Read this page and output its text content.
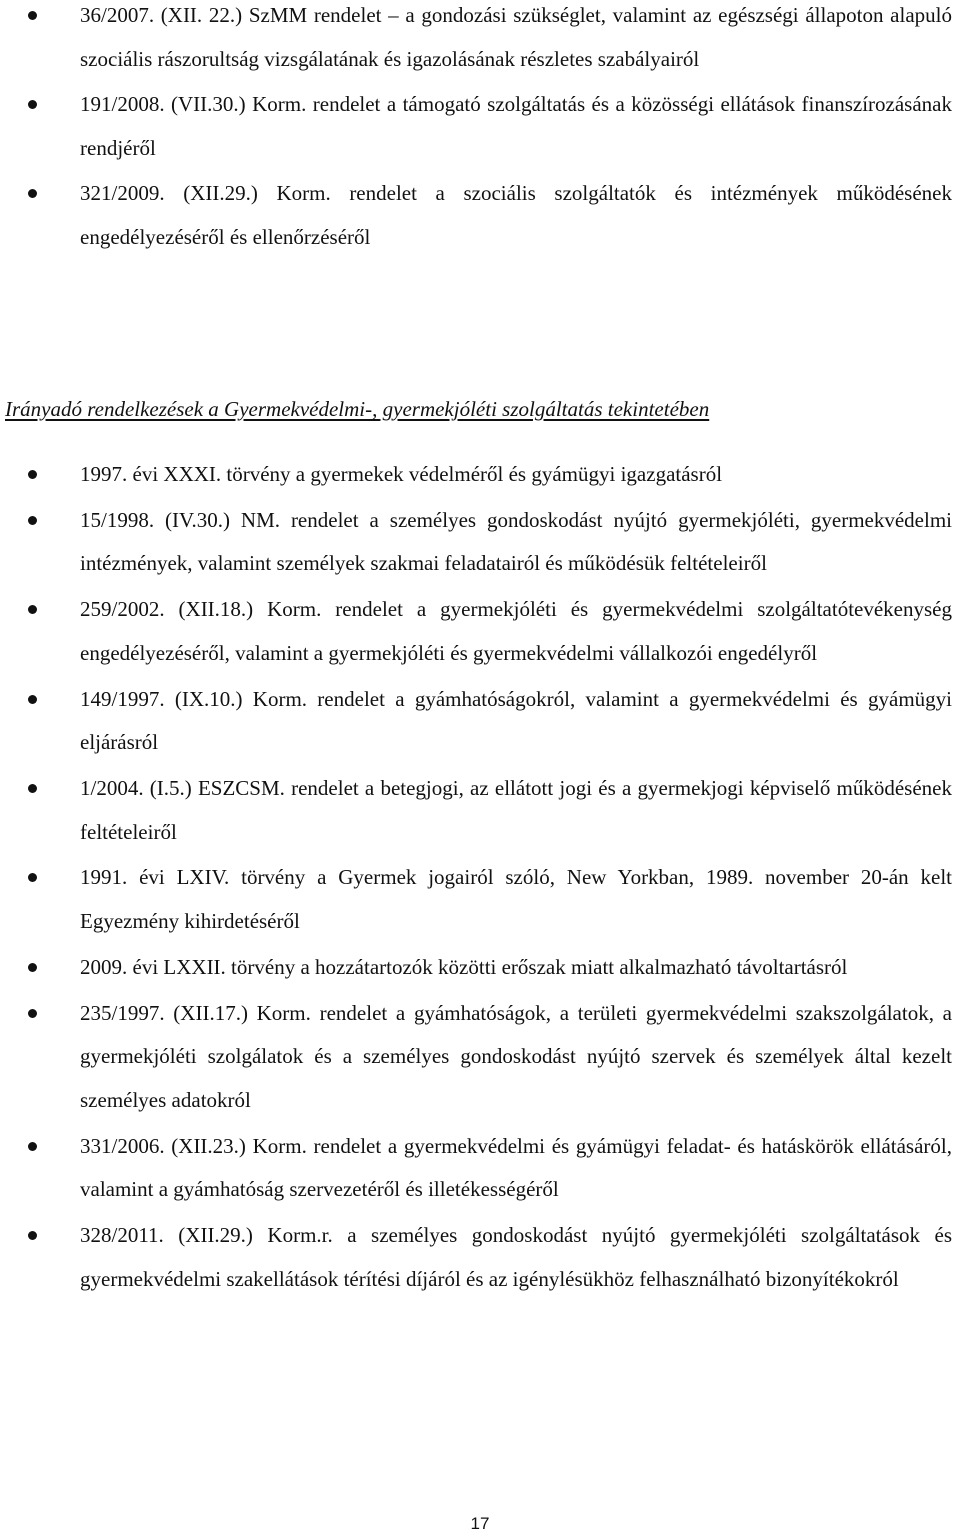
36/2007. (XII. 22.) SzMM rendelet – a gondozási szükséglet, valamint az egészségi állapoton alapuló szociális rászorultság vizsgálatának és igazolásának részletes szabályairól
191/2008. (VII.30.) Korm. rendelet a támogató szolgáltatás és a közösségi ellátások finanszírozásának rendjéről
321/2009. (XII.29.) Korm. rendelet a szociális szolgáltatók és intézmények működésének engedélyezéséről és ellenőrzéséről
Irányadó rendelkezések a Gyermekvédelmi-, gyermekjóléti szolgáltatás tekintetében
1997. évi XXXI. törvény a gyermekek védelméről és gyámügyi igazgatásról
15/1998. (IV.30.) NM. rendelet a személyes gondoskodást nyújtó gyermekjóléti, gyermekvédelmi intézmények, valamint személyek szakmai feladatairól és működésük feltételeiről
259/2002. (XII.18.) Korm. rendelet a gyermekjóléti és gyermekvédelmi szolgáltatótevékenység engedélyezéséről, valamint a gyermekjóléti és gyermekvédelmi vállalkozói engedélyről
149/1997. (IX.10.) Korm. rendelet a gyámhatóságokról, valamint a gyermekvédelmi és gyámügyi eljárásról
1/2004. (I.5.) ESZCSM. rendelet a betegjogi, az ellátott jogi és a gyermekjogi képviselő működésének feltételeiről
1991. évi LXIV. törvény a Gyermek jogairól szóló, New Yorkban, 1989. november 20-án kelt Egyezmény kihirdetéséről
2009. évi LXXII. törvény a hozzátartozók közötti erőszak miatt alkalmazható távoltartásról
235/1997. (XII.17.) Korm. rendelet a gyámhatóságok, a területi gyermekvédelmi szakszolgálatok, a gyermekjóléti szolgálatok és a személyes gondoskodást nyújtó szervek és személyek által kezelt személyes adatokról
331/2006. (XII.23.) Korm. rendelet a gyermekvédelmi és gyámügyi feladat- és hatáskörök ellátásáról, valamint a gyámhatóság szervezetéről és illetékességéről
328/2011. (XII.29.) Korm.r. a személyes gondoskodást nyújtó gyermekjóléti szolgáltatások és gyermekvédelmi szakellátások térítési díjáról és az igénylésükhöz felhasználható bizonyítékokról
17
